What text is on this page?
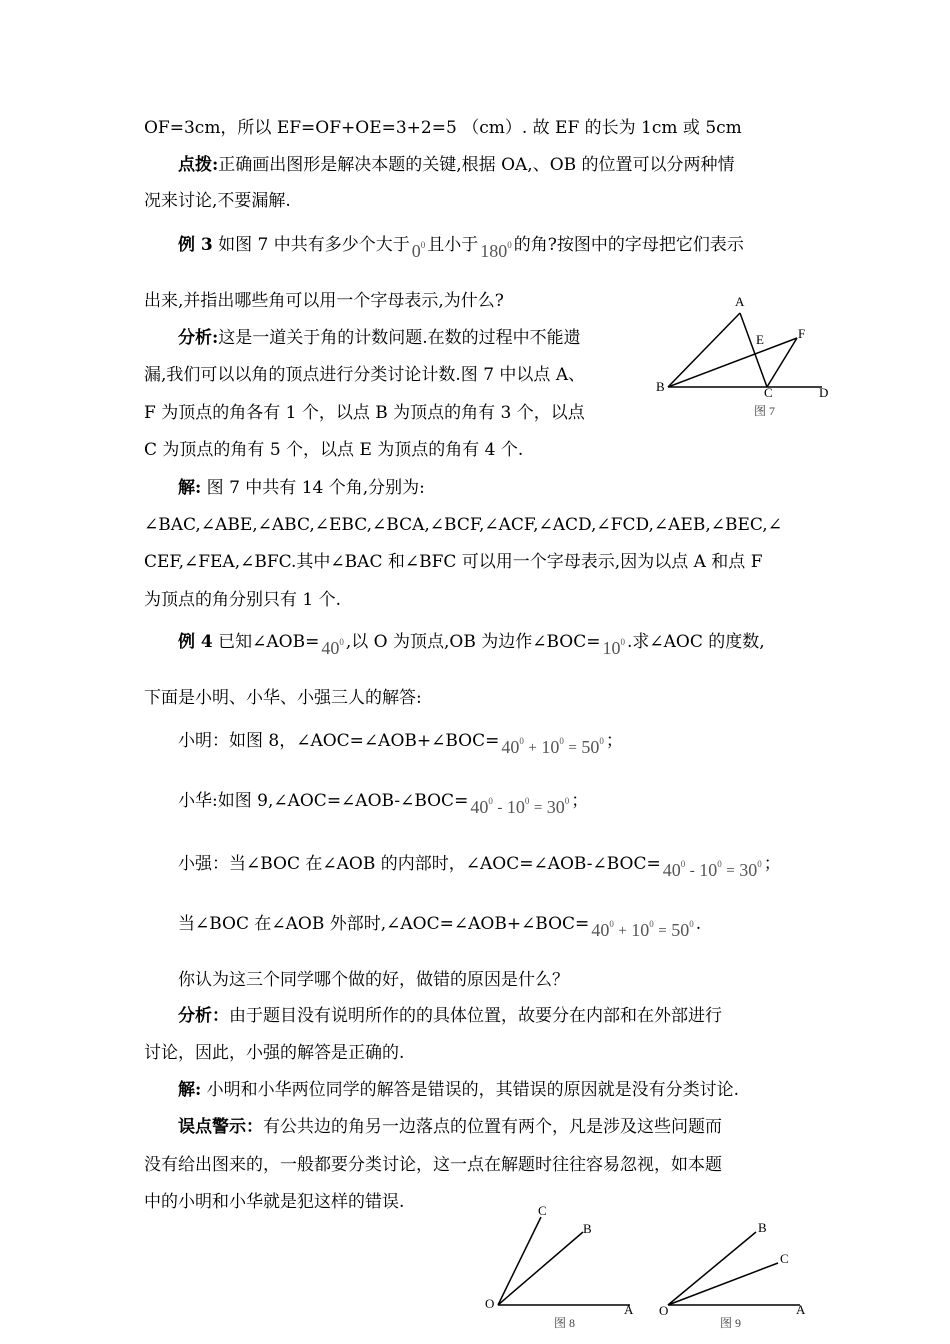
OF=3cm，所以 EF=OF+OE=3+2=5 （cm）. 故 EF 的长为 1cm 或 5cm
点拨:正确画出图形是解决本题的关键,根据 OA,、OB 的位置可以分两种情
况来讨论,不要漏解.
例 3 如图 7 中共有多少个大于 $0^0$ 且小于 $180^0$ 的角?按图中的字母把它们表示
出来,并指出哪些角可以用一个字母表示,为什么?
分析:这是一道关于角的计数问题.在数的过程中不能遗
漏,我们可以以角的顶点进行分类讨论计数.图 7 中以点 A、
F 为顶点的角各有 1 个，以点 B 为顶点的角有 3 个，以点
C 为顶点的角有 5 个，以点 E 为顶点的角有 4 个.
A
B	C	D
E	F
图 7
解: 图 7 中共有 14 个角,分别为:
∠BAC,∠ABE,∠ABC,∠EBC,∠BCA,∠BCF,∠ACF,∠ACD,∠FCD,∠AEB,∠BEC,∠
CEF,∠FEA,∠BFC.其中∠BAC 和∠BFC 可以用一个字母表示,因为以点 A 和点 F
为顶点的角分别只有 1 个.
例 4 已知∠AOB= $40^0$ ,以 O 为顶点,OB 为边作∠BOC= $10^0$ .求∠AOC 的度数,
下面是小明、小华、小强三人的解答:
小明：如图 8，∠AOC=∠AOB+∠BOC= $40^0 + 10^0 = 50^0$ ；
小华:如图 9,∠AOC=∠AOB-∠BOC= $40^0 - 10^0 = 30^0$ ；
小强：当∠BOC 在∠AOB 的内部时，∠AOC=∠AOB-∠BOC= $40^0 - 10^0 = 30^0$ ；
当∠BOC 在∠AOB 外部时,∠AOC=∠AOB+∠BOC= $40^0 + 10^0 = 50^0$ .
你认为这三个同学哪个做的好，做错的原因是什么？
分析：由于题目没有说明所作的的具体位置，故要分在内部和在外部进行
讨论，因此，小强的解答是正确的.
解: 小明和小华两位同学的解答是错误的，其错误的原因就是没有分类讨论.
误点警示：有公共边的角另一边落点的位置有两个，凡是涉及这些问题而
没有给出图来的，一般都要分类讨论，这一点在解题时往往容易忽视，如本题
中的小明和小华就是犯这样的错误.	C
B
O	A
图 8
B
C
O	A
图 9
